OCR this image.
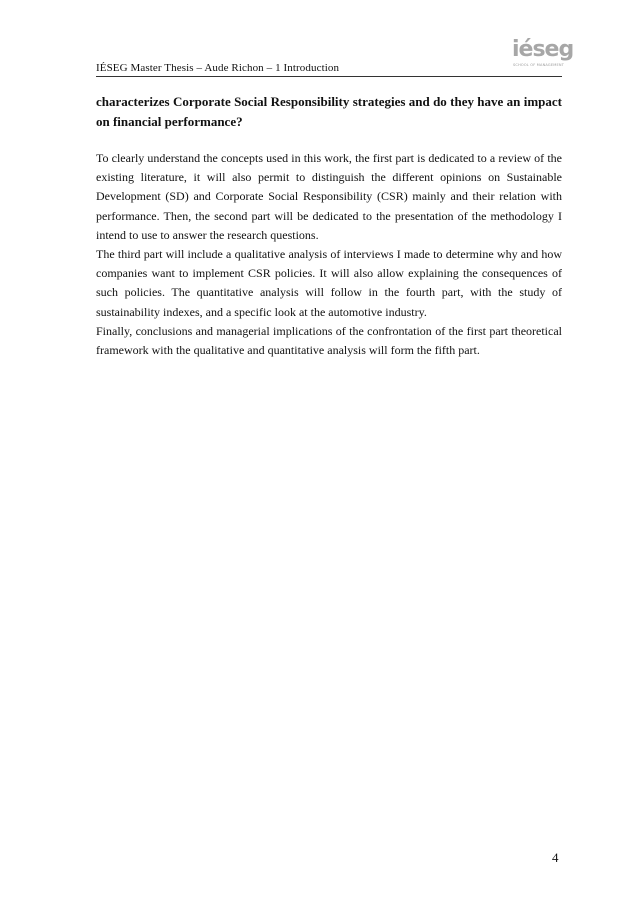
IÉSEG Master Thesis – Aude Richon – 1 Introduction
iéseg
SCHOOL OF MANAGEMENT

characterizes Corporate Social Responsibility strategies and do they have an impact on financial performance?

To clearly understand the concepts used in this work, the first part is dedicated to a review of the existing literature, it will also permit to distinguish the different opinions on Sustainable Development (SD) and Corporate Social Responsibility (CSR) mainly and their relation with performance. Then, the second part will be dedicated to the presentation of the methodology I intend to use to answer the research questions.

The third part will include a qualitative analysis of interviews I made to determine why and how companies want to implement CSR policies. It will also allow explaining the consequences of such policies. The quantitative analysis will follow in the fourth part, with the study of sustainability indexes, and a specific look at the automotive industry.

Finally, conclusions and managerial implications of the confrontation of the first part theoretical framework with the qualitative and quantitative analysis will form the fifth part.

4
